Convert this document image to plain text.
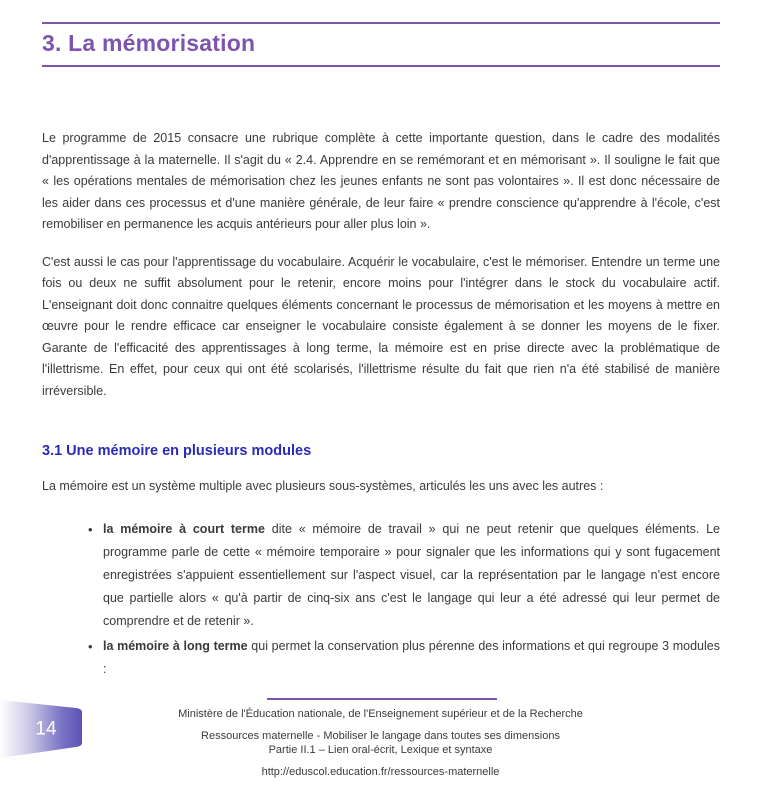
3. La mémorisation

Le programme de 2015 consacre une rubrique complète à cette importante question, dans le cadre des modalités d'apprentissage à la maternelle. Il s'agit du « 2.4. Apprendre en se remémorant et en mémorisant ». Il souligne le fait que « les opérations mentales de mémorisation chez les jeunes enfants ne sont pas volontaires ». Il est donc nécessaire de les aider dans ces processus et d'une manière générale, de leur faire « prendre conscience qu'apprendre à l'école, c'est remobiliser en permanence les acquis antérieurs pour aller plus loin ».

C'est aussi le cas pour l'apprentissage du vocabulaire. Acquérir le vocabulaire, c'est le mémoriser. Entendre un terme une fois ou deux ne suffit absolument pour le retenir, encore moins pour l'intégrer dans le stock du vocabulaire actif. L'enseignant doit donc connaitre quelques éléments concernant le processus de mémorisation et les moyens à mettre en œuvre pour le rendre efficace car enseigner le vocabulaire consiste également à se donner les moyens de le fixer. Garante de l'efficacité des apprentissages à long terme, la mémoire est en prise directe avec la problématique de l'illettrisme. En effet, pour ceux qui ont été scolarisés, l'illettrisme résulte du fait que rien n'a été stabilisé de manière irréversible.

3.1 Une mémoire en plusieurs modules

La mémoire est un système multiple avec plusieurs sous-systèmes, articulés les uns avec les autres :

• la mémoire à court terme dite « mémoire de travail » qui ne peut retenir que quelques éléments. Le programme parle de cette « mémoire temporaire » pour signaler que les informations qui y sont fugacement enregistrées s'appuient essentiellement sur l'aspect visuel, car la représentation par le langage n'est encore que partielle alors « qu'à partir de cinq-six ans c'est le langage qui leur a été adressé qui leur permet de comprendre et de retenir ».
• la mémoire à long terme qui permet la conservation plus pérenne des informations et qui regroupe 3 modules :
Ministère de l'Éducation nationale, de l'Enseignement supérieur et de la Recherche
Ressources maternelle - Mobiliser le langage dans toutes ses dimensions
Partie II.1 – Lien oral-écrit, Lexique et syntaxe
http://eduscol.education.fr/ressources-maternelle
14
